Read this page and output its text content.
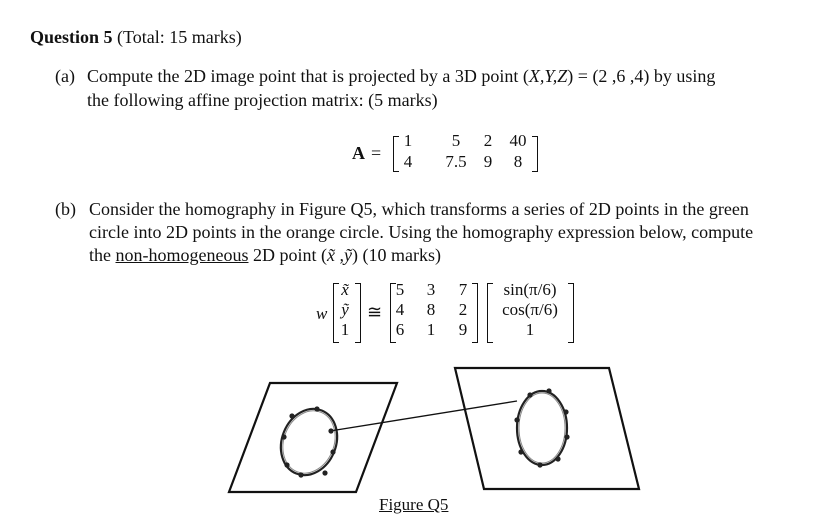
Question 5 (Total: 15 marks)
(a) Compute the 2D image point that is projected by a 3D point (X,Y,Z) = (2 ,6 ,4) by using
the following affine projection matrix: (5 marks)
A =
1	5	2	40
4	7.5	9	8
(b) Consider the homography in Figure Q5, which transforms a series of 2D points in the green
circle into 2D points in the orange circle. Using the homography expression below, compute
the non-homogeneous 2D point (x̃ ,ỹ) (10 marks)
w
x̃
ỹ
1
≅
5	3	7
4	8	2
6	1	9
sin(π/6)
cos(π/6)
1
Figure Q5
